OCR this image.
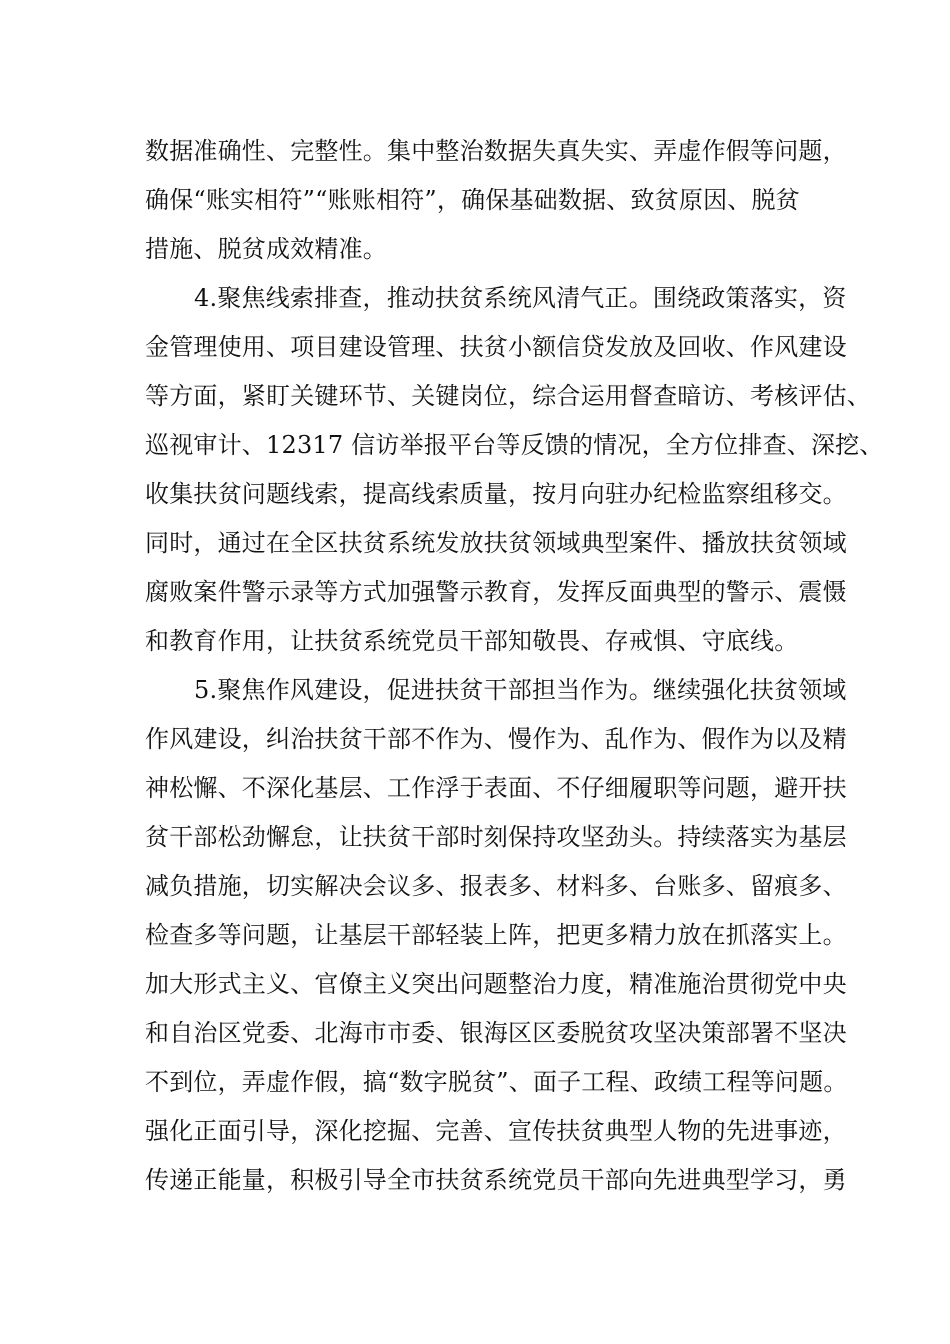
数据准确性、完整性。集中整治数据失真失实、弄虚作假等问题，
确保“账实相符”“账账相符”，确保基础数据、致贫原因、脱贫
措施、脱贫成效精准。
4.聚焦线索排查，推动扶贫系统风清气正。围绕政策落实，资
金管理使用、项目建设管理、扶贫小额信贷发放及回收、作风建设
等方面，紧盯关键环节、关键岗位，综合运用督查暗访、考核评估、
巡视审计、12317 信访举报平台等反馈的情况，全方位排查、深挖、
收集扶贫问题线索，提高线索质量，按月向驻办纪检监察组移交。
同时，通过在全区扶贫系统发放扶贫领域典型案件、播放扶贫领域
腐败案件警示录等方式加强警示教育，发挥反面典型的警示、震慑
和教育作用，让扶贫系统党员干部知敬畏、存戒惧、守底线。
5.聚焦作风建设，促进扶贫干部担当作为。继续强化扶贫领域
作风建设，纠治扶贫干部不作为、慢作为、乱作为、假作为以及精
神松懈、不深化基层、工作浮于表面、不仔细履职等问题，避开扶
贫干部松劲懈怠，让扶贫干部时刻保持攻坚劲头。持续落实为基层
减负措施，切实解决会议多、报表多、材料多、台账多、留痕多、
检查多等问题，让基层干部轻装上阵，把更多精力放在抓落实上。
加大形式主义、官僚主义突出问题整治力度，精准施治贯彻党中央
和自治区党委、北海市市委、银海区区委脱贫攻坚决策部署不坚决
不到位，弄虚作假，搞“数字脱贫”、面子工程、政绩工程等问题。
强化正面引导，深化挖掘、完善、宣传扶贫典型人物的先进事迹，
传递正能量，积极引导全市扶贫系统党员干部向先进典型学习，勇
